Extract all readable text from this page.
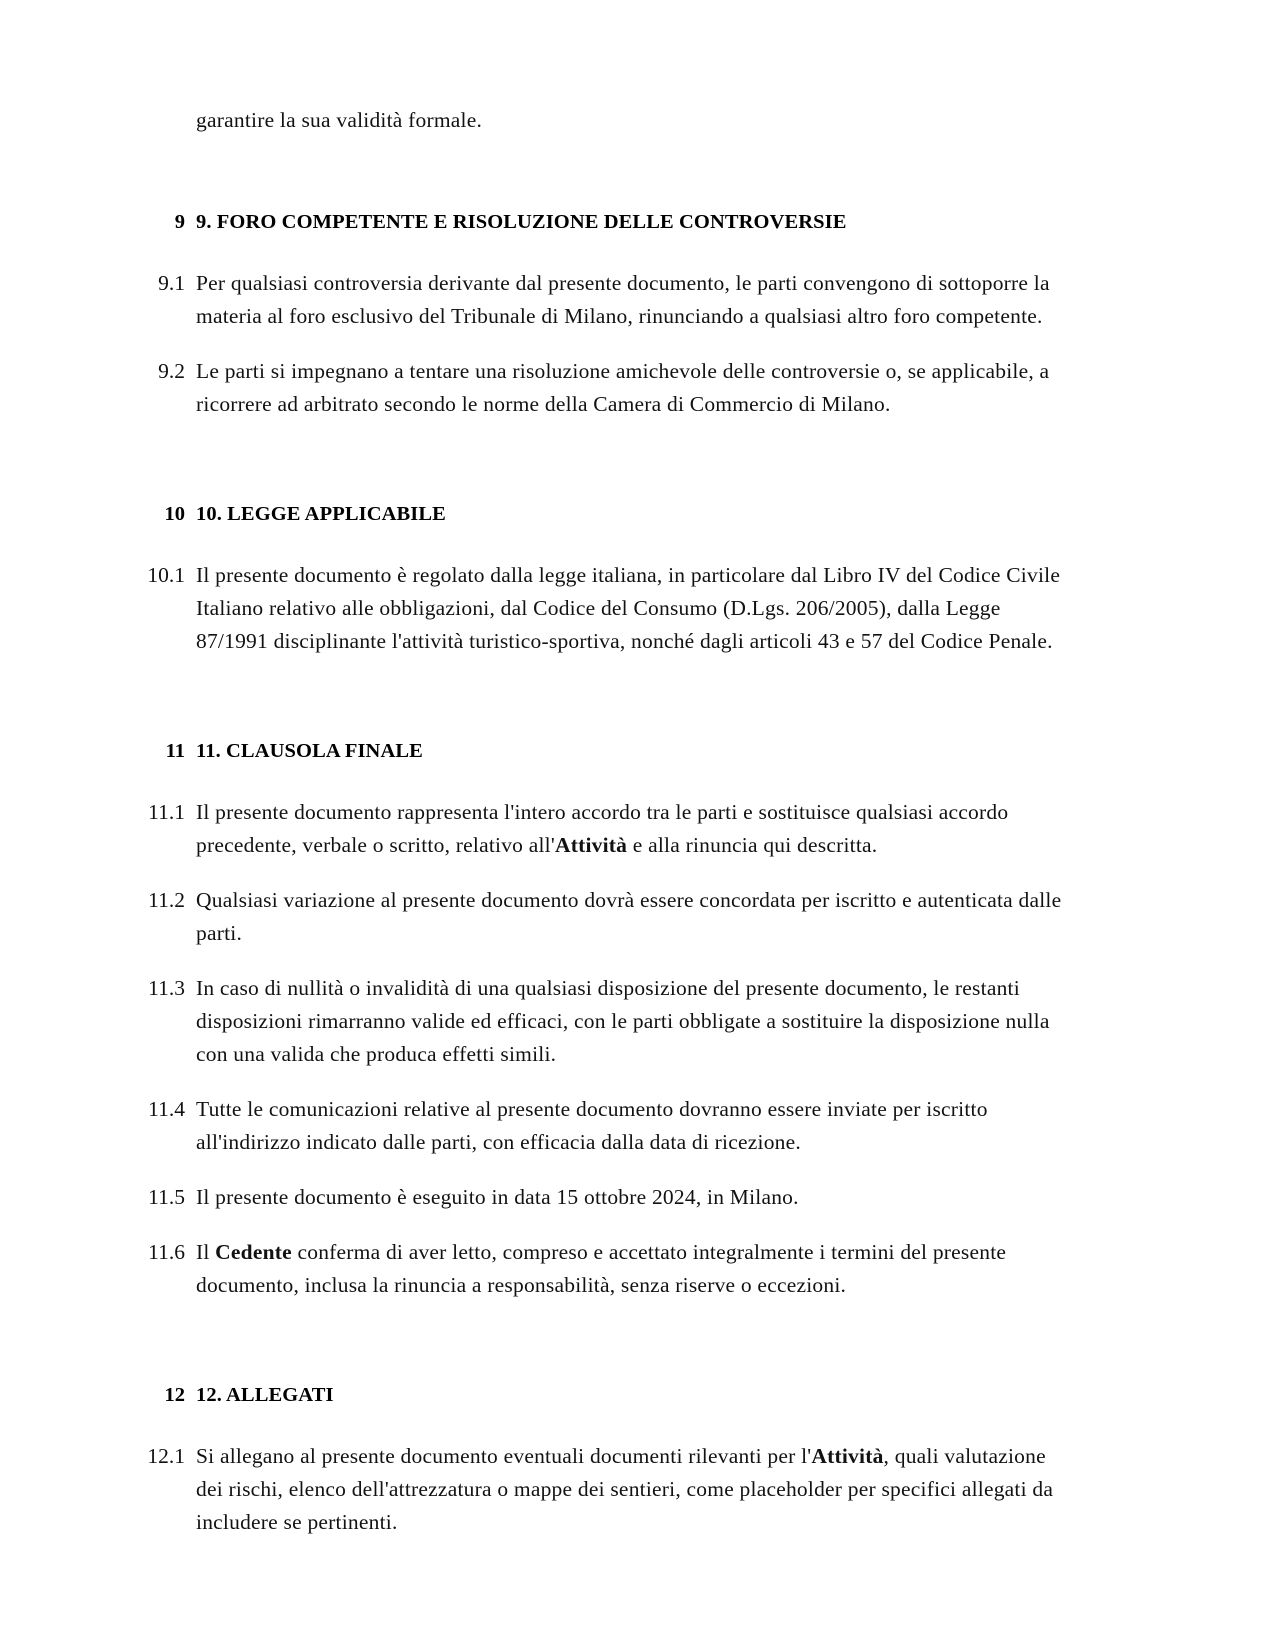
garantire la sua validità formale.

9 9. FORO COMPETENTE E RISOLUZIONE DELLE CONTROVERSIE
9.1 Per qualsiasi controversia derivante dal presente documento, le parti convengono di sottoporre la materia al foro esclusivo del Tribunale di Milano, rinunciando a qualsiasi altro foro competente.
9.2 Le parti si impegnano a tentare una risoluzione amichevole delle controversie o, se applicabile, a ricorrere ad arbitrato secondo le norme della Camera di Commercio di Milano.
10 10. LEGGE APPLICABILE
10.1 Il presente documento è regolato dalla legge italiana, in particolare dal Libro IV del Codice Civile Italiano relativo alle obbligazioni, dal Codice del Consumo (D.Lgs. 206/2005), dalla Legge 87/1991 disciplinante l'attività turistico-sportiva, nonché dagli articoli 43 e 57 del Codice Penale.
11 11. CLAUSOLA FINALE
11.1 Il presente documento rappresenta l'intero accordo tra le parti e sostituisce qualsiasi accordo precedente, verbale o scritto, relativo all'Attività e alla rinuncia qui descritta.
11.2 Qualsiasi variazione al presente documento dovrà essere concordata per iscritto e autenticata dalle parti.
11.3 In caso di nullità o invalidità di una qualsiasi disposizione del presente documento, le restanti disposizioni rimarranno valide ed efficaci, con le parti obbligate a sostituire la disposizione nulla con una valida che produca effetti simili.
11.4 Tutte le comunicazioni relative al presente documento dovranno essere inviate per iscritto all'indirizzo indicato dalle parti, con efficacia dalla data di ricezione.
11.5 Il presente documento è eseguito in data 15 ottobre 2024, in Milano.
11.6 Il Cedente conferma di aver letto, compreso e accettato integralmente i termini del presente documento, inclusa la rinuncia a responsabilità, senza riserve o eccezioni.
12 12. ALLEGATI
12.1 Si allegano al presente documento eventuali documenti rilevanti per l'Attività, quali valutazione dei rischi, elenco dell'attrezzatura o mappe dei sentieri, come placeholder per specifici allegati da includere se pertinenti.
